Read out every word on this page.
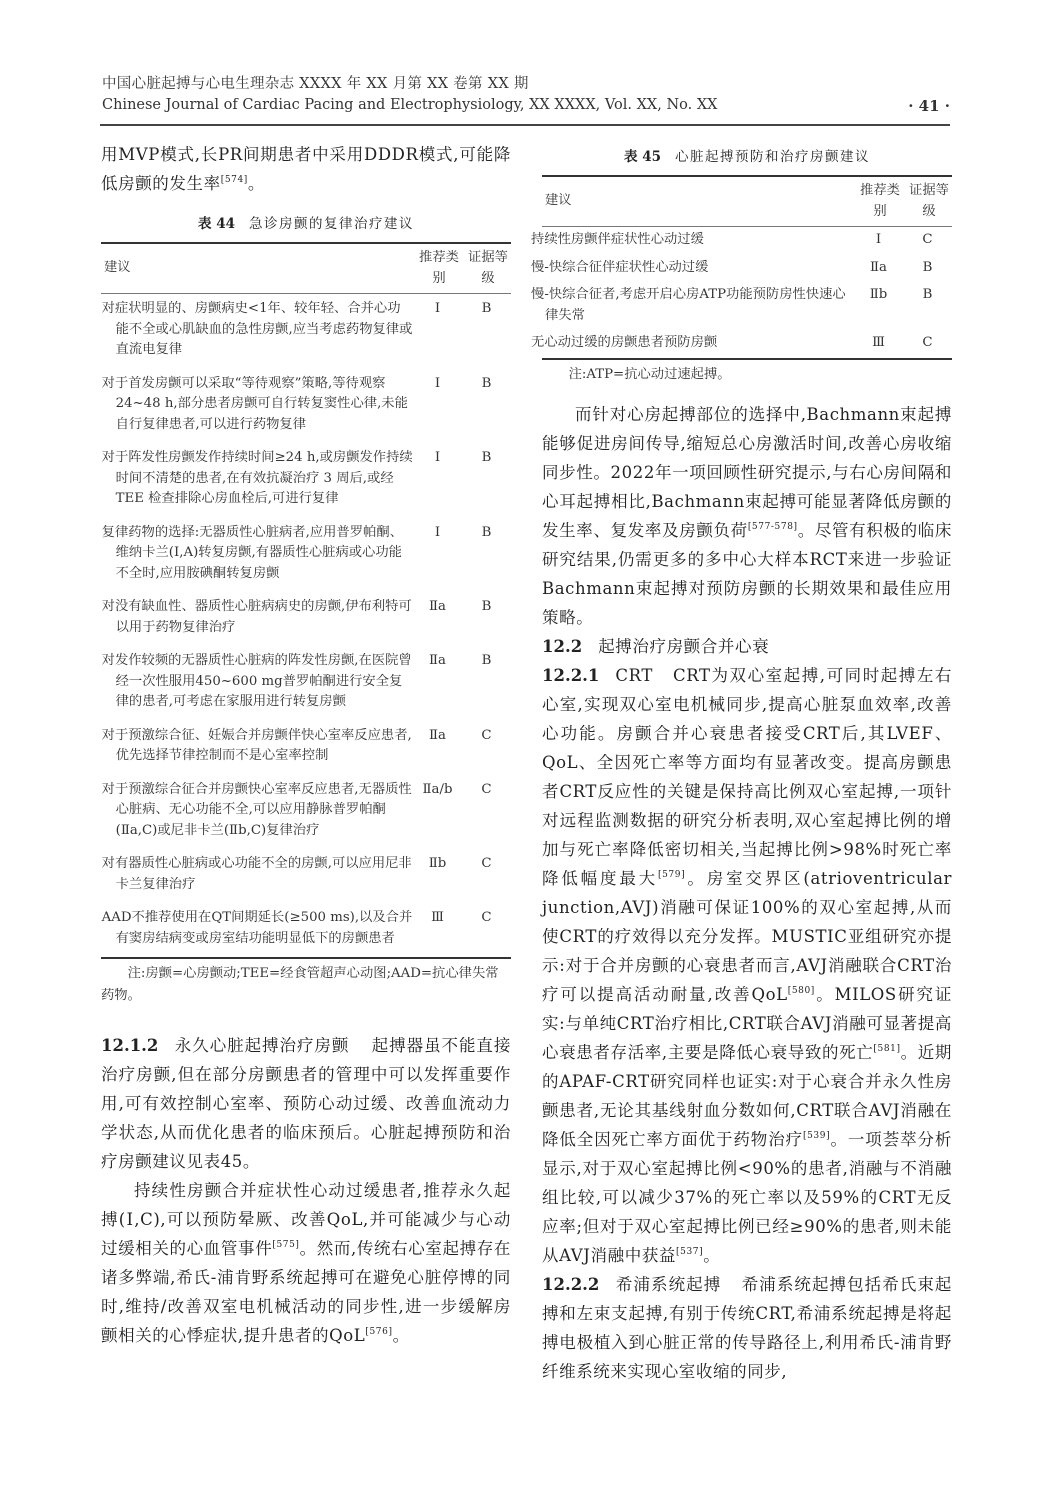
中国心脏起搏与心电生理杂志 XXXX 年 XX 月第 XX 卷第 XX 期
Chinese Journal of Cardiac Pacing and Electrophysiology, XX XXXX, Vol. XX, No. XX	· 41 ·

用MVP模式,长PR间期患者中采用DDDR模式,可能降低房颤的发生率[574]。

表 44 急诊房颤的复律治疗建议
建议	推荐类别	证据等级
对症状明显的、房颤病史<1年、较年轻、合并心功能不全或心肌缺血的急性房颤,应当考虑药物复律或直流电复律	Ⅰ	B
对于首发房颤可以采取“等待观察”策略,等待观察 24~48 h,部分患者房颤可自行转复窦性心律,未能自行复律患者,可以进行药物复律	Ⅰ	B
对于阵发性房颤发作持续时间≥24 h,或房颤发作持续时间不清楚的患者,在有效抗凝治疗 3 周后,或经 TEE 检查排除心房血栓后,可进行复律	Ⅰ	B
复律药物的选择:无器质性心脏病者,应用普罗帕酮、维纳卡兰(Ⅰ,A)转复房颤,有器质性心脏病或心功能不全时,应用胺碘酮转复房颤	Ⅰ	B
对没有缺血性、器质性心脏病病史的房颤,伊布利特可以用于药物复律治疗	Ⅱa	B
对发作较频的无器质性心脏病的阵发性房颤,在医院曾经一次性服用450~600 mg普罗帕酮进行安全复律的患者,可考虑在家服用进行转复房颤	Ⅱa	B
对于预激综合征、妊娠合并房颤伴快心室率反应患者,优先选择节律控制而不是心室率控制	Ⅱa	C
对于预激综合征合并房颤快心室率反应患者,无器质性心脏病、无心功能不全,可以应用静脉普罗帕酮(Ⅱa,C)或尼非卡兰(Ⅱb,C)复律治疗	Ⅱa/b	C
对有器质性心脏病或心功能不全的房颤,可以应用尼非卡兰复律治疗	Ⅱb	C
AAD不推荐使用在QT间期延长(≥500 ms),以及合并有窦房结病变或房室结功能明显低下的房颤患者	Ⅲ	C

注:房颤=心房颤动;TEE=经食管超声心动图;AAD=抗心律失常药物。

12.1.2 永久心脏起搏治疗房颤 起搏器虽不能直接治疗房颤,但在部分房颤患者的管理中可以发挥重要作用,可有效控制心室率、预防心动过缓、改善血流动力学状态,从而优化患者的临床预后。心脏起搏预防和治疗房颤建议见表45。

持续性房颤合并症状性心动过缓患者,推荐永久起搏(Ⅰ,C),可以预防晕厥、改善QoL,并可能减少与心动过缓相关的心血管事件[575]。然而,传统右心室起搏存在诸多弊端,希氏-浦肯野系统起搏可在避免心脏停博的同时,维持/改善双室电机械活动的同步性,进一步缓解房颤相关的心悸症状,提升患者的QoL[576]。

表 45 心脏起搏预防和治疗房颤建议
建议	推荐类别	证据等级
持续性房颤伴症状性心动过缓	Ⅰ	C
慢-快综合征伴症状性心动过缓	Ⅱa	B
慢-快综合征者,考虑开启心房ATP功能预防房性快速心律失常	Ⅱb	B
无心动过缓的房颤患者预防房颤	Ⅲ	C

注:ATP=抗心动过速起搏。

而针对心房起搏部位的选择中,Bachmann束起搏能够促进房间传导,缩短总心房激活时间,改善心房收缩同步性。2022年一项回顾性研究提示,与右心房间隔和心耳起搏相比,Bachmann束起搏可能显著降低房颤的发生率、复发率及房颤负荷[577-578]。尽管有积极的临床研究结果,仍需更多的多中心大样本RCT来进一步验证Bachmann束起搏对预防房颤的长期效果和最佳应用策略。

12.2 起搏治疗房颤合并心衰

12.2.1 CRT CRT为双心室起搏,可同时起搏左右心室,实现双心室电机械同步,提高心脏泵血效率,改善心功能。房颤合并心衰患者接受CRT后,其LVEF、QoL、全因死亡率等方面均有显著改变。提高房颤患者CRT反应性的关键是保持高比例双心室起搏,一项针对远程监测数据的研究分析表明,双心室起搏比例的增加与死亡率降低密切相关,当起搏比例>98%时死亡率降低幅度最大[579]。房室交界区(atrioventricular junction,AVJ)消融可保证100%的双心室起搏,从而使CRT的疗效得以充分发挥。MUSTIC亚组研究亦提示:对于合并房颤的心衰患者而言,AVJ消融联合CRT治疗可以提高活动耐量,改善QoL[580]。MILOS研究证实:与单纯CRT治疗相比,CRT联合AVJ消融可显著提高心衰患者存活率,主要是降低心衰导致的死亡[581]。近期的APAF-CRT研究同样也证实:对于心衰合并永久性房颤患者,无论其基线射血分数如何,CRT联合AVJ消融在降低全因死亡率方面优于药物治疗[539]。一项荟萃分析显示,对于双心室起搏比例<90%的患者,消融与不消融组比较,可以减少37%的死亡率以及59%的CRT无反应率;但对于双心室起搏比例已经≥90%的患者,则未能从AVJ消融中获益[537]。

12.2.2 希浦系统起搏 希浦系统起搏包括希氏束起搏和左束支起搏,有别于传统CRT,希浦系统起搏是将起搏电极植入到心脏正常的传导路径上,利用希氏-浦肯野纤维系统来实现心室收缩的同步,
